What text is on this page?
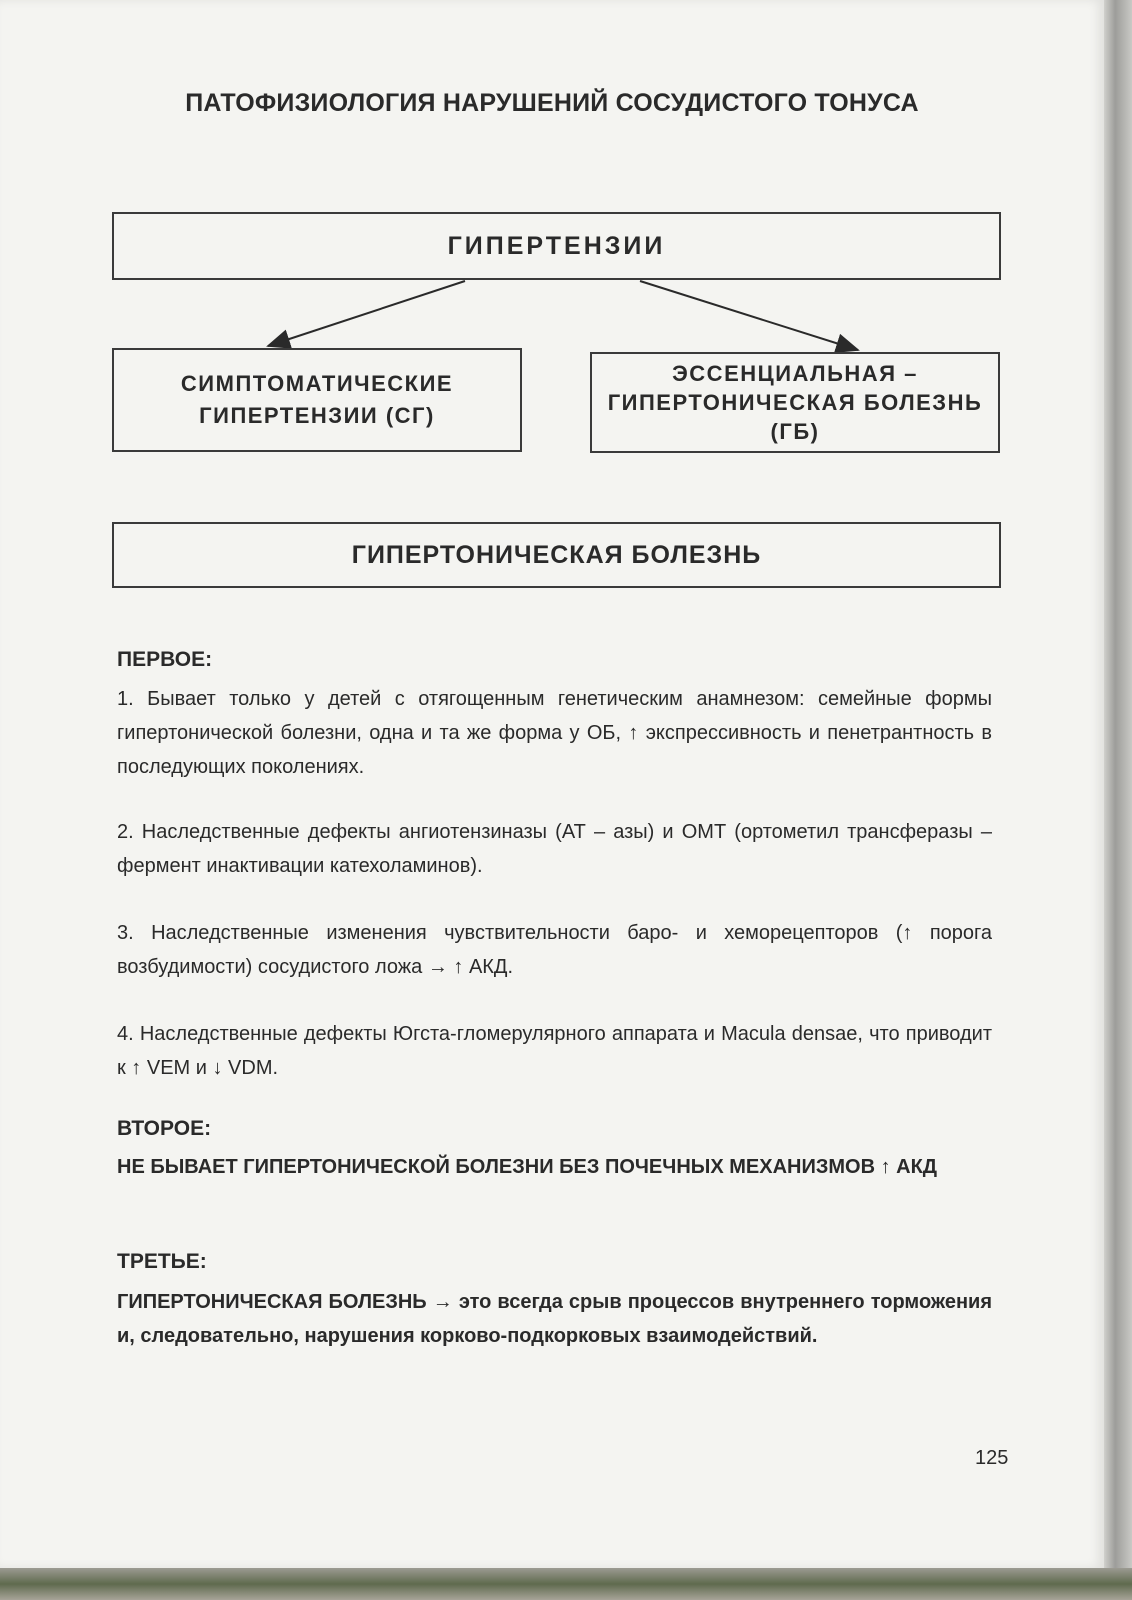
ПАТОФИЗИОЛОГИЯ НАРУШЕНИЙ СОСУДИСТОГО ТОНУСА
ГИПЕРТЕНЗИИ
СИМПТОМАТИЧЕСКИЕ
ГИПЕРТЕНЗИИ (СГ)
ЭССЕНЦИАЛЬНАЯ –
ГИПЕРТОНИЧЕСКАЯ БОЛЕЗНЬ
(ГБ)
ГИПЕРТОНИЧЕСКАЯ БОЛЕЗНЬ
ПЕРВОЕ:
1. Бывает только у детей с отягощенным генетическим анамнезом: семейные формы гипертонической болезни, одна и та же форма у ОБ, ↑ экспрессивность и пенетрантность в последующих поколениях.
2. Наследственные дефекты ангиотензиназы (АТ – азы) и ОМТ (ортометил трансферазы – фермент инактивации катехоламинов).
3. Наследственные изменения чувствительности баро- и хеморецепторов (↑ порога возбудимости) сосудистого ложа → ↑ АКД.
4. Наследственные дефекты Югста-гломерулярного аппарата и Macula densae, что приводит к ↑ VEM и ↓ VDM.
ВТОРОЕ:
НЕ БЫВАЕТ ГИПЕРТОНИЧЕСКОЙ БОЛЕЗНИ БЕЗ ПОЧЕЧНЫХ МЕХАНИЗМОВ ↑ АКД
ТРЕТЬЕ:
ГИПЕРТОНИЧЕСКАЯ БОЛЕЗНЬ → это всегда срыв процессов внутреннего торможения и, следовательно, нарушения корково-подкорковых взаимодействий.
125
